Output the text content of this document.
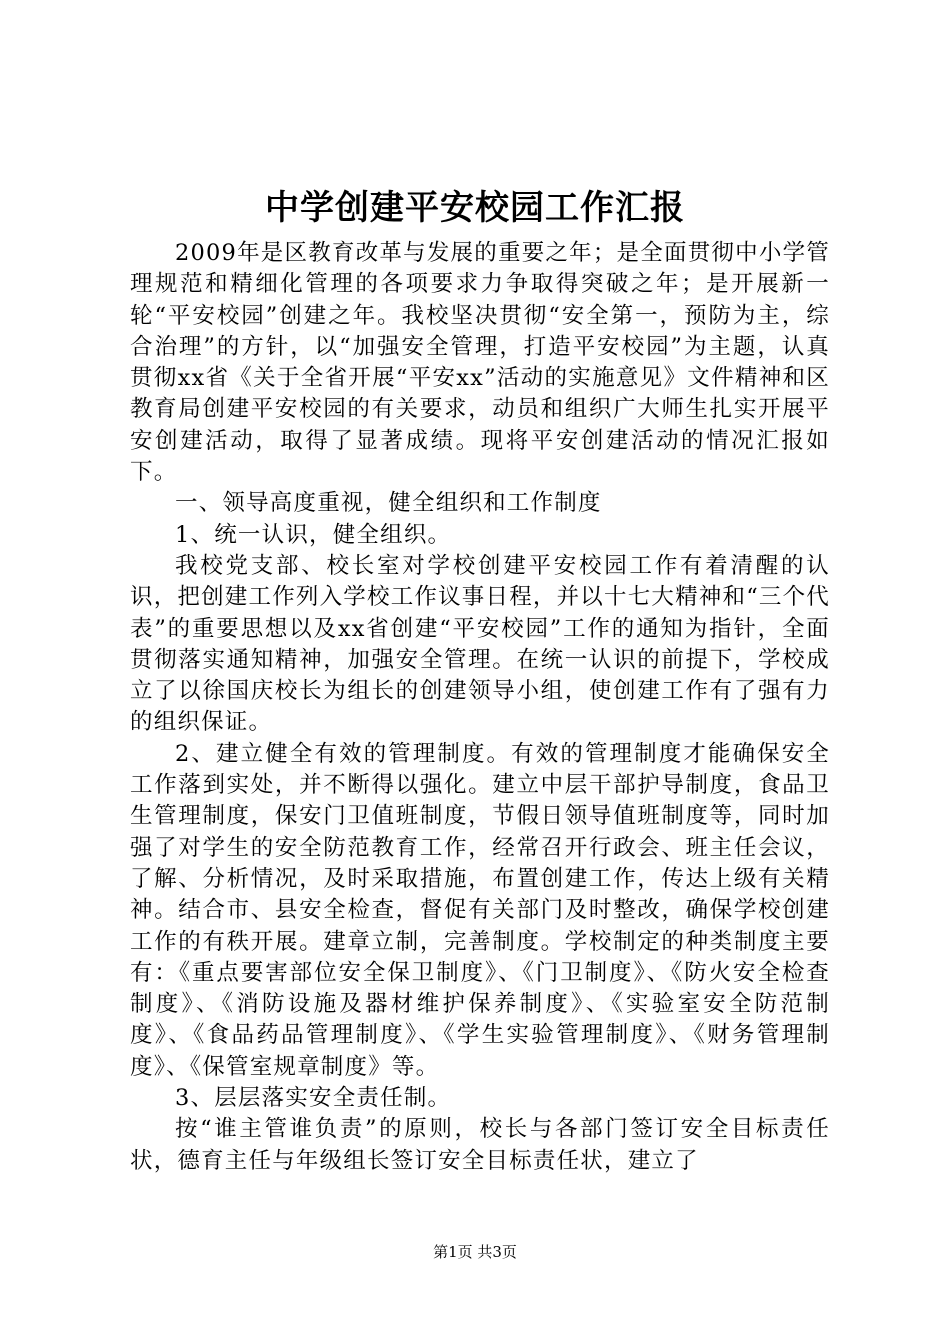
中学创建平安校园工作汇报

2009年是区教育改革与发展的重要之年；是全面贯彻中小学管理规范和精细化管理的各项要求力争取得突破之年；是开展新一轮“平安校园”创建之年。我校坚决贯彻“安全第一，预防为主，综合治理”的方针，以“加强安全管理，打造平安校园”为主题，认真贯彻xx省《关于全省开展“平安xx”活动的实施意见》文件精神和区教育局创建平安校园的有关要求，动员和组织广大师生扎实开展平安创建活动，取得了显著成绩。现将平安创建活动的情况汇报如下。

一、领导高度重视，健全组织和工作制度

1、统一认识，健全组织。

我校党支部、校长室对学校创建平安校园工作有着清醒的认识，把创建工作列入学校工作议事日程，并以十七大精神和“三个代表”的重要思想以及xx省创建“平安校园”工作的通知为指针，全面贯彻落实通知精神，加强安全管理。在统一认识的前提下，学校成立了以徐国庆校长为组长的创建领导小组，使创建工作有了强有力的组织保证。

2、建立健全有效的管理制度。有效的管理制度才能确保安全工作落到实处，并不断得以强化。建立中层干部护导制度，食品卫生管理制度，保安门卫值班制度，节假日领导值班制度等，同时加强了对学生的安全防范教育工作，经常召开行政会、班主任会议，了解、分析情况，及时采取措施，布置创建工作，传达上级有关精神。结合市、县安全检查，督促有关部门及时整改，确保学校创建工作的有秩开展。建章立制，完善制度。学校制定的种类制度主要有：《重点要害部位安全保卫制度》、《门卫制度》、《防火安全检查制度》、《消防设施及器材维护保养制度》、《实验室安全防范制度》、《食品药品管理制度》、《学生实验管理制度》、《财务管理制度》、《保管室规章制度》等。

3、层层落实安全责任制。

按“谁主管谁负责”的原则，校长与各部门签订安全目标责任状，德育主任与年级组长签订安全目标责任状，建立了

第1页 共3页
